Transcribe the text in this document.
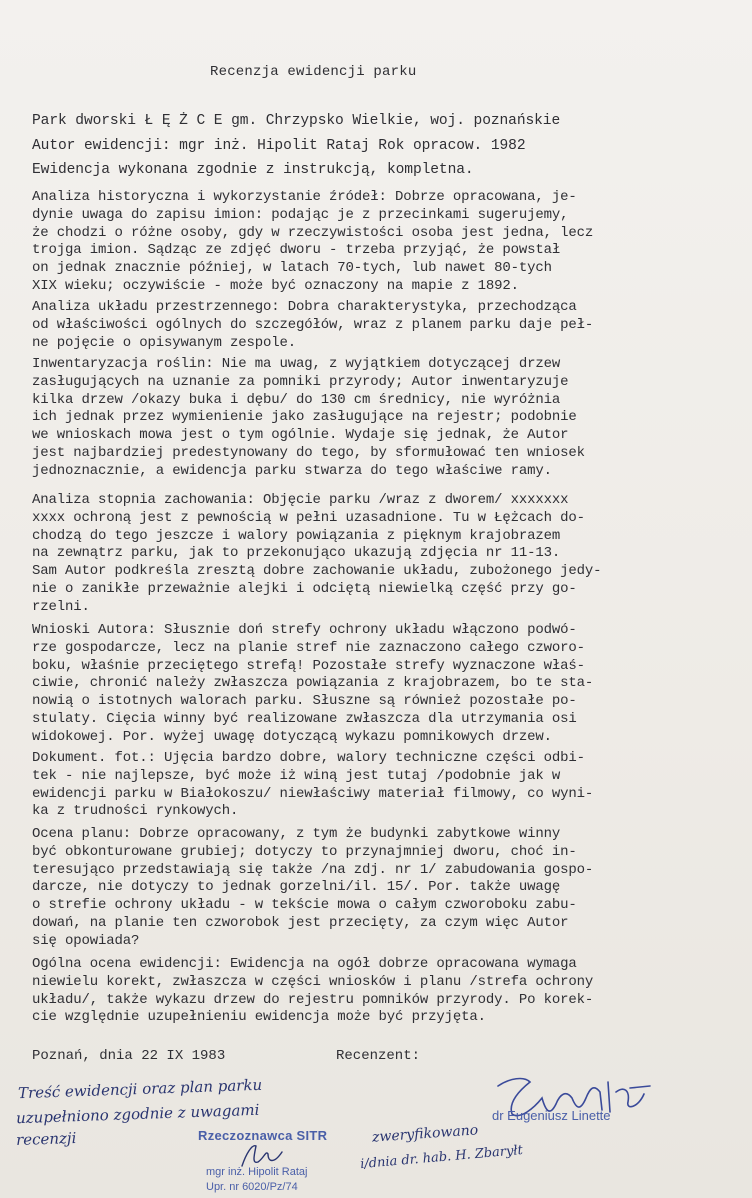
Recenzja ewidencji parku
Park dworski Ł Ę Ż C E gm. Chrzypsko Wielkie, woj. poznańskie
Autor ewidencji: mgr inż. Hipolit Rataj Rok opracow. 1982
Ewidencja wykonana zgodnie z instrukcją, kompletna.
Analiza historyczna i wykorzystanie źródeł: Dobrze opracowana, je-
dynie uwaga do zapisu imion: podając je z przecinkami sugerujemy,
że chodzi o różne osoby, gdy w rzeczywistości osoba jest jedna, lecz
trojga imion. Sądząc ze zdjęć dworu - trzeba przyjąć, że powstał
on jednak znacznie później, w latach 70-tych, lub nawet 80-tych
XIX wieku; oczywiście - może być oznaczony na mapie z 1892.
Analiza układu przestrzennego: Dobra charakterystyka, przechodząca
od właściwości ogólnych do szczegółów, wraz z planem parku daje peł-
ne pojęcie o opisywanym zespole.
Inwentaryzacja roślin: Nie ma uwag, z wyjątkiem dotyczącej drzew
zasługujących na uznanie za pomniki przyrody; Autor inwentaryzuje
kilka drzew /okazy buka i dębu/ do 130 cm średnicy, nie wyróżnia
ich jednak przez wymienienie jako zasługujące na rejestr; podobnie
we wnioskach mowa jest o tym ogólnie. Wydaje się jednak, że Autor
jest najbardziej predestynowany do tego, by sformułować ten wniosek
jednoznacznie, a ewidencja parku stwarza do tego właściwe ramy.
Analiza stopnia zachowania: Objęcie parku /wraz z dworem/ xxxxxxx
xxxx ochroną jest z pewnością w pełni uzasadnione. Tu w Łężcach do-
chodzą do tego jeszcze i walory powiązania z pięknym krajobrazem
na zewnątrz parku, jak to przekonująco ukazują zdjęcia nr 11-13.
Sam Autor podkreśla zresztą dobre zachowanie układu, zubożonego jedy-
nie o zanikłe przeważnie alejki i odciętą niewielką część przy go-
rzelni.
Wnioski Autora: Słusznie doń strefy ochrony układu włączono podwó-
rze gospodarcze, lecz na planie stref nie zaznaczono całego czworo-
boku, właśnie przeciętego strefą! Pozostałe strefy wyznaczone właś-
ciwie, chronić należy zwłaszcza powiązania z krajobrazem, bo te sta-
nowią o istotnych walorach parku. Słuszne są również pozostałe po-
stulaty. Cięcia winny być realizowane zwłaszcza dla utrzymania osi
widokowej. Por. wyżej uwagę dotyczącą wykazu pomnikowych drzew.
Dokument. fot.: Ujęcia bardzo dobre, walory techniczne części odbi-
tek - nie najlepsze, być może iż winą jest tutaj /podobnie jak w
ewidencji parku w Białokoszu/ niewłaściwy materiał filmowy, co wyni-
ka z trudności rynkowych.
Ocena planu: Dobrze opracowany, z tym że budynki zabytkowe winny
być obkonturowane grubiej; dotyczy to przynajmniej dworu, choć in-
teresująco przedstawiają się także /na zdj. nr 1/ zabudowania gospo-
darcze, nie dotyczy to jednak gorzelni/il. 15/. Por. także uwagę
o strefie ochrony układu - w tekście mowa o całym czworoboku zabu-
dowań, na planie ten czworobok jest przecięty, za czym więc Autor
się opowiada?
Ogólna ocena ewidencji: Ewidencja na ogół dobrze opracowana wymaga
niewielu korekt, zwłaszcza w części wniosków i planu /strefa ochrony
układu/, także wykazu drzew do rejestru pomników przyrody. Po korek-
cie względnie uzupełnieniu ewidencja może być przyjęta.
Poznań, dnia 22 IX 1983	Recenzent:
Treść ewidencji oraz plan parku
uzupełniono zgodnie z uwagami
recenzji	zweryfikowano
i/dnia dr. hab. H. Zbaryłt
dr Eugeniusz Linette
Rzeczoznawca SITR
mgr inż. Hipolit Rataj
Upr. nr 6020/Pz/74
